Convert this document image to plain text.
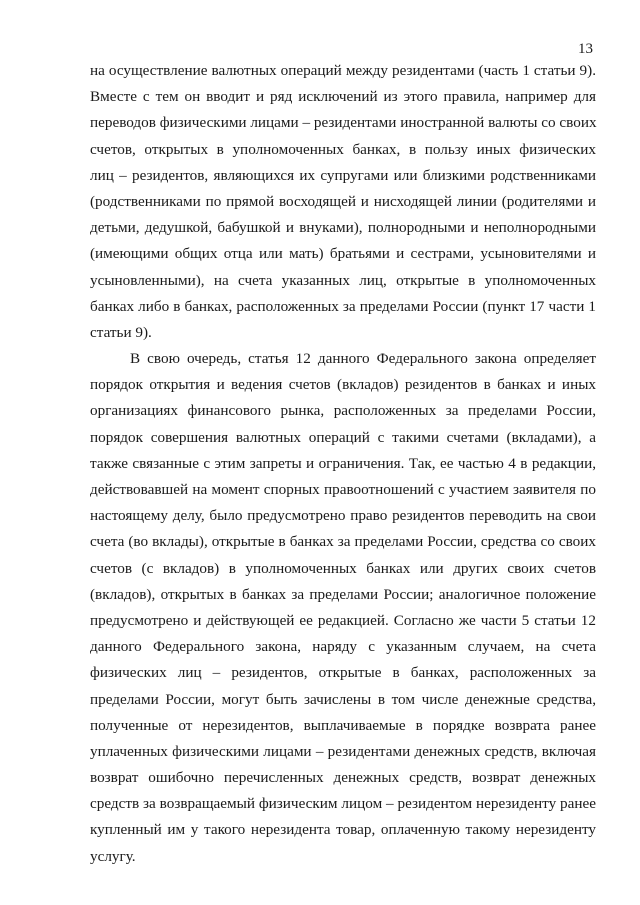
13
на осуществление валютных операций между резидентами (часть 1 статьи 9).
Вместе с тем он вводит и ряд исключений из этого правила, например для
переводов физическими лицами – резидентами иностранной валюты со своих
счетов, открытых в уполномоченных банках, в пользу иных физических
лиц – резидентов, являющихся их супругами или близкими родственниками
(родственниками по прямой восходящей и нисходящей линии (родителями и
детьми, дедушкой, бабушкой и внуками), полнородными и неполнородными
(имеющими общих отца или мать) братьями и сестрами, усыновителями и
усыновленными), на счета указанных лиц, открытые в уполномоченных
банках либо в банках, расположенных за пределами России (пункт 17 части 1
статьи 9).
В свою очередь, статья 12 данного Федерального закона определяет
порядок открытия и ведения счетов (вкладов) резидентов в банках и иных
организациях финансового рынка, расположенных за пределами России,
порядок совершения валютных операций с такими счетами (вкладами), а
также связанные с этим запреты и ограничения. Так, ее частью 4 в редакции,
действовавшей на момент спорных правоотношений с участием заявителя по
настоящему делу, было предусмотрено право резидентов переводить на свои
счета (во вклады), открытые в банках за пределами России, средства со своих
счетов (с вкладов) в уполномоченных банках или других своих счетов
(вкладов), открытых в банках за пределами России; аналогичное положение
предусмотрено и действующей ее редакцией. Согласно же части 5 статьи 12
данного Федерального закона, наряду с указанным случаем, на счета
физических лиц – резидентов, открытые в банках, расположенных за
пределами России, могут быть зачислены в том числе денежные средства,
полученные от нерезидентов, выплачиваемые в порядке возврата ранее
уплаченных физическими лицами – резидентами денежных средств, включая
возврат ошибочно перечисленных денежных средств, возврат денежных
средств за возвращаемый физическим лицом – резидентом нерезиденту ранее
купленный им у такого нерезидента товар, оплаченную такому нерезиденту
услугу.
